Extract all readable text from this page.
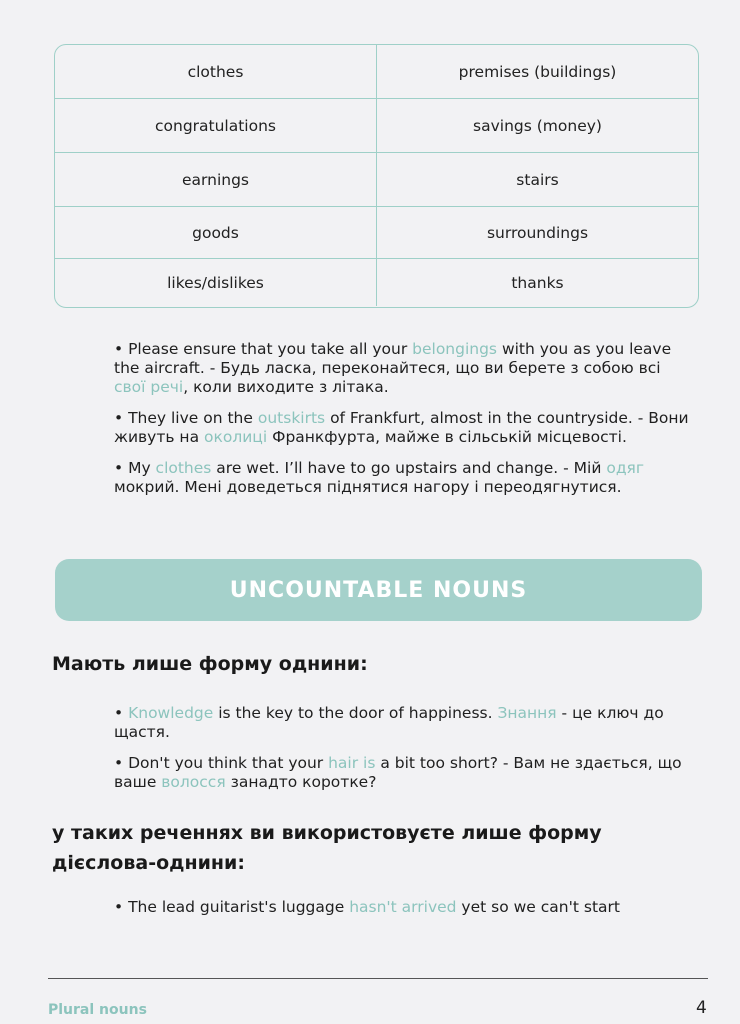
clothes	premises (buildings)
congratulations	savings (money)
earnings	stairs
goods	surroundings
likes/dislikes	thanks

• Please ensure that you take all your belongings with you as you leave the aircraft. - Будь ласка, переконайтеся, що ви берете з собою всі свої речі, коли виходите з літака.

• They live on the outskirts of Frankfurt, almost in the countryside. - Вони живуть на околиці Франкфурта, майже в сільській місцевості.

• My clothes are wet. I’ll have to go upstairs and change. - Мій одяг мокрий. Мені доведеться піднятися нагору і переодягнутися.

UNCOUNTABLE NOUNS
Мають лише форму однини:

• Knowledge is the key to the door of happiness. Знання - це ключ до щастя.

• Don't you think that your hair is a bit too short? - Вам не здається, що ваше волосся занадто коротке?

у таких реченнях ви використовуєте лише форму дієслова-однини:

• The lead guitarist's luggage hasn't arrived yet so we can't start

Plural nouns	4
